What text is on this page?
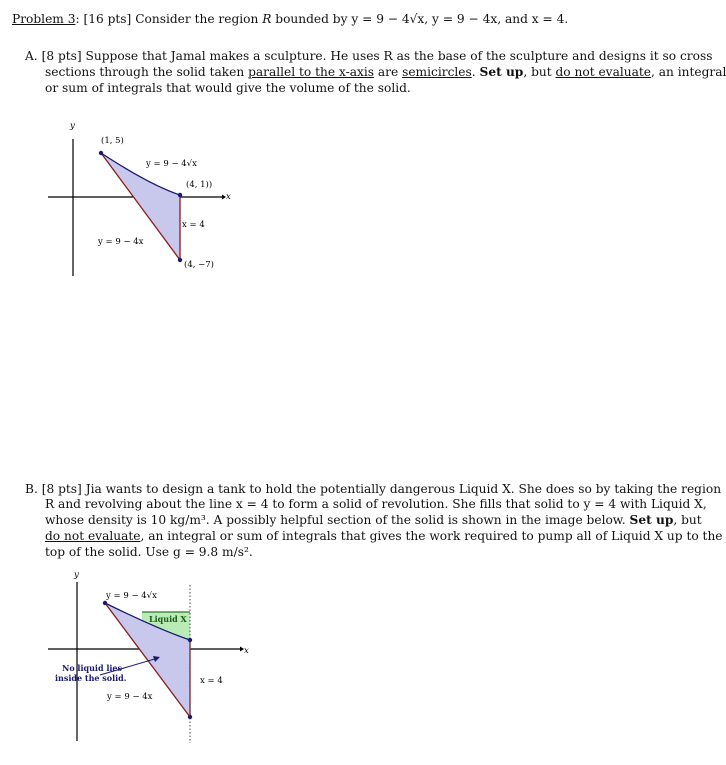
Problem 3: [16 pts] Consider the region R bounded by y = 9 − 4√x, y = 9 − 4x, and x = 4.
A. [8 pts] Suppose that Jamal makes a sculpture. He uses R as the base of the sculpture and designs it so cross
sections through the solid taken parallel to the x-axis are semicircles. Set up, but do not evaluate, an integral
or sum of integrals that would give the volume of the solid.
y
x
(1, 5)
y = 9 − 4√x
(4, 1))
x = 4
y = 9 − 4x
(4, −7)
B. [8 pts] Jia wants to design a tank to hold the potentially dangerous Liquid X. She does so by taking the region
R and revolving about the line x = 4 to form a solid of revolution. She fills that solid to y = 4 with Liquid X,
whose density is 10 kg/m³. A possibly helpful section of the solid is shown in the image below. Set up, but
do not evaluate, an integral or sum of integrals that gives the work required to pump all of Liquid X up to the
top of the solid. Use g = 9.8 m/s².
y
x
y = 9 − 4√x
Liquid X
No liquid lies
inside the solid.	x = 4
y = 9 − 4x
